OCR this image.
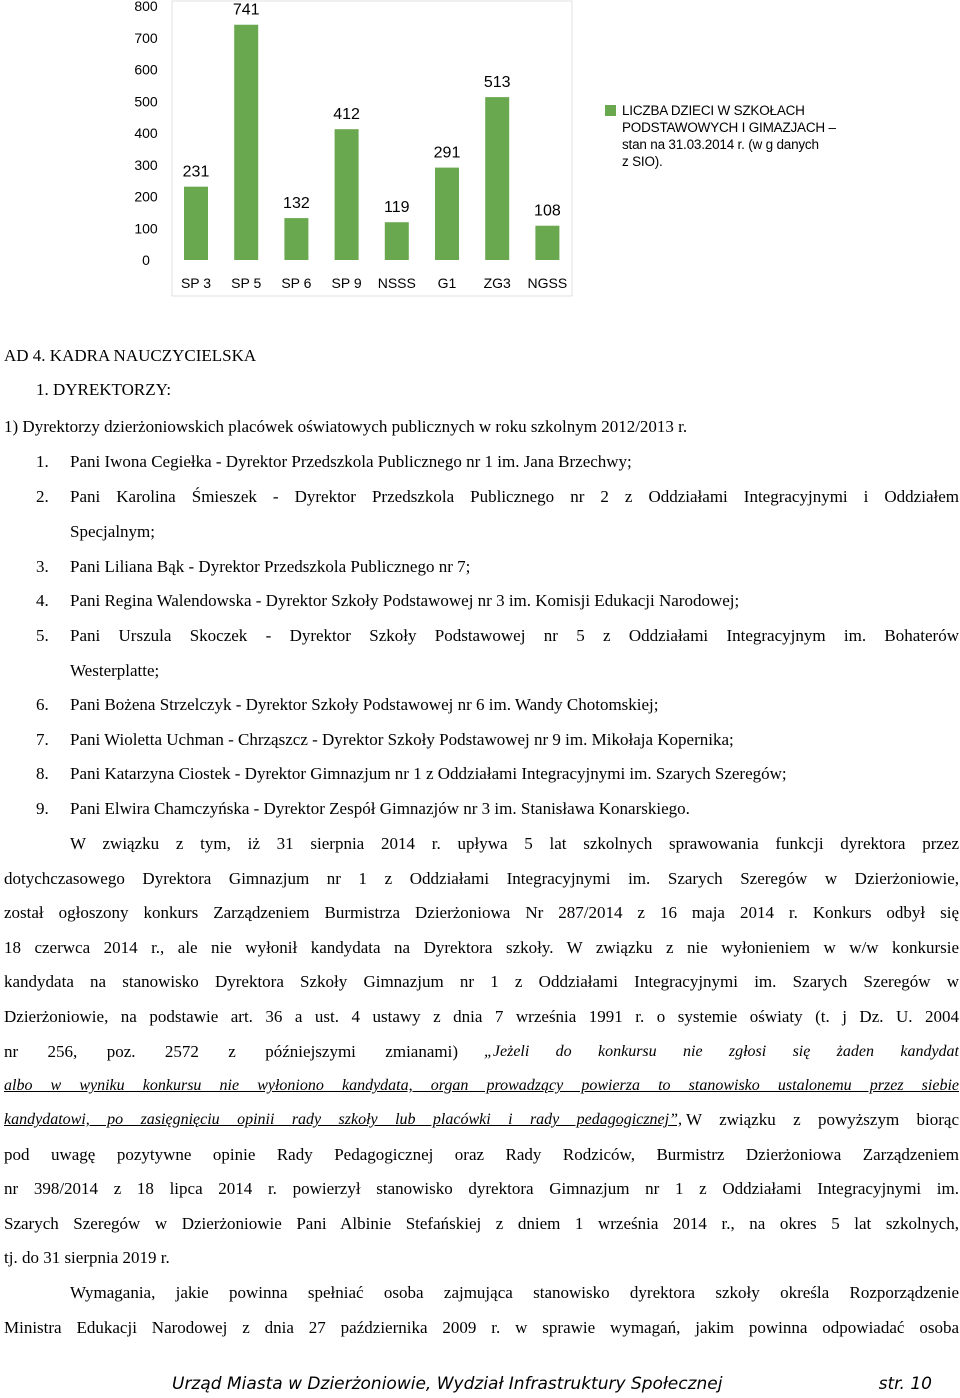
0
100
200
300
400
500
600
700
800
231
SP 3
741
SP 5
132
SP 6
412
SP 9
119
NSSS
291
G1
513
ZG3
108
NGSS
LICZBA DZIECI W SZKOŁACH
PODSTAWOWYCH I GIMAZJACH –
stan na 31.03.2014 r. (w g danych
z SIO).
AD 4. KADRA NAUCZYCIELSKA
1. DYREKTORZY:
1) Dyrektorzy dzierżoniowskich placówek oświatowych publicznych w roku szkolnym 2012/2013 r.
1. Pani Iwona Cegiełka - Dyrektor Przedszkola Publicznego nr 1 im. Jana Brzechwy;
2. Pani Karolina Śmieszek - Dyrektor Przedszkola Publicznego nr 2 z Oddziałami Integracyjnymi i Oddziałem
Specjalnym;
3. Pani Liliana Bąk - Dyrektor Przedszkola Publicznego nr 7;
4. Pani Regina Walendowska - Dyrektor Szkoły Podstawowej nr 3 im. Komisji Edukacji Narodowej;
5. Pani Urszula Skoczek - Dyrektor Szkoły Podstawowej nr 5 z Oddziałami Integracyjnym im. Bohaterów
Westerplatte;
6. Pani Bożena Strzelczyk - Dyrektor Szkoły Podstawowej nr 6 im. Wandy Chotomskiej;
7. Pani Wioletta Uchman - Chrząszcz - Dyrektor Szkoły Podstawowej nr 9 im. Mikołaja Kopernika;
8. Pani Katarzyna Ciostek - Dyrektor Gimnazjum nr 1 z Oddziałami Integracyjnymi im. Szarych Szeregów;
9. Pani Elwira Chamczyńska - Dyrektor Zespół Gimnazjów nr 3 im. Stanisława Konarskiego.
W związku z tym, iż 31 sierpnia 2014 r. upływa 5 lat szkolnych sprawowania funkcji dyrektora przez
dotychczasowego Dyrektora Gimnazjum nr 1 z Oddziałami Integracyjnymi im. Szarych Szeregów w Dzierżoniowie,
został ogłoszony konkurs Zarządzeniem Burmistrza Dzierżoniowa Nr 287/2014 z 16 maja 2014 r. Konkurs odbył się
18 czerwca 2014 r., ale nie wyłonił kandydata na Dyrektora szkoły. W związku z nie wyłonieniem w w/w konkursie
kandydata na stanowisko Dyrektora Szkoły Gimnazjum nr 1 z Oddziałami Integracyjnymi im. Szarych Szeregów w
Dzierżoniowie, na podstawie art. 36 a ust. 4 ustawy z dnia 7 września 1991 r. o systemie oświaty (t. j Dz. U. 2004
nr 256, poz. 2572 z późniejszymi zmianami) „Jeżeli do konkursu nie zgłosi się żaden kandydat
albo w wyniku konkursu nie wyłoniono kandydata, organ prowadzący powierza to stanowisko ustalonemu przez siebie
kandydatowi, po zasięgnięciu opinii rady szkoły lub placówki i rady pedagogicznej”, W związku z powyższym biorąc
pod uwagę pozytywne opinie Rady Pedagogicznej oraz Rady Rodziców, Burmistrz Dzierżoniowa Zarządzeniem
nr 398/2014 z 18 lipca 2014 r. powierzył stanowisko dyrektora Gimnazjum nr 1 z Oddziałami Integracyjnymi im.
Szarych Szeregów w Dzierżoniowie Pani Albinie Stefańskiej z dniem 1 września 2014 r., na okres 5 lat szkolnych,
tj. do 31 sierpnia 2019 r.
Wymagania, jakie powinna spełniać osoba zajmująca stanowisko dyrektora szkoły określa Rozporządzenie
Ministra Edukacji Narodowej z dnia 27 października 2009 r. w sprawie wymagań, jakim powinna odpowiadać osoba
Urząd Miasta w Dzierżoniowie, Wydział Infrastruktury Społecznej	str. 10
